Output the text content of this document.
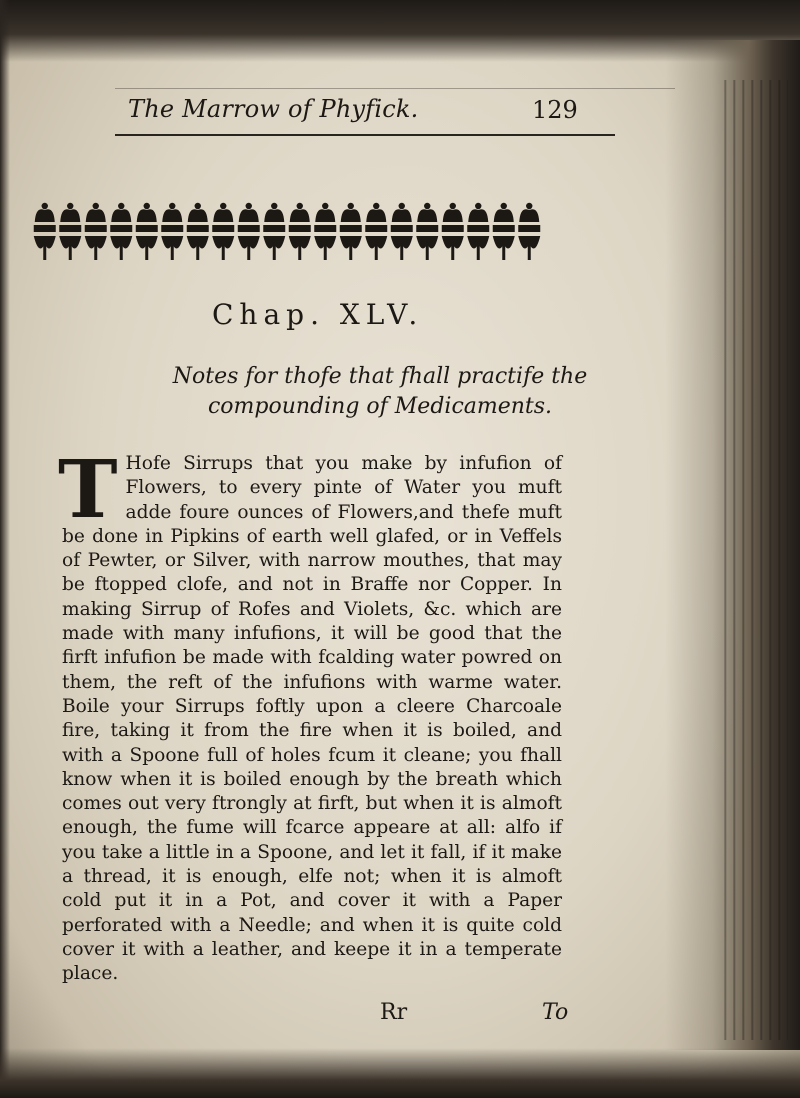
The Marrow of Phyfick.	129
Chap. XLV.
Notes for thofe that fhall practife the compounding of Medicaments.
T Hofe Sirrups that you make by infufion of Flowers, to every pinte of Water you muft adde foure ounces of Flowers,and thefe muft be done in Pipkins of earth well glafed, or in Veffels of Pewter, or Silver, with narrow mouthes, that may be ftopped clofe, and not in Braffe nor Copper. In making Sirrup of Rofes and Violets, &c. which are made with many infufions, it will be good that the firft infufion be made with fcalding water powred on them, the reft of the infufions with warme water. Boile your Sirrups foftly upon a cleere Charcoale fire, taking it from the fire when it is boiled, and with a Spoone full of holes fcum it cleane; you fhall know when it is boiled enough by the breath which comes out very ftrongly at firft, but when it is almoft enough, the fume will fcarce appeare at all: alfo if you take a little in a Spoone, and let it fall, if it make a thread, it is enough, elfe not; when it is almoft cold put it in a Pot, and cover it with a Paper perforated with a Needle; and when it is quite cold cover it with a leather, and keepe it in a temperate place.
Rr	To
